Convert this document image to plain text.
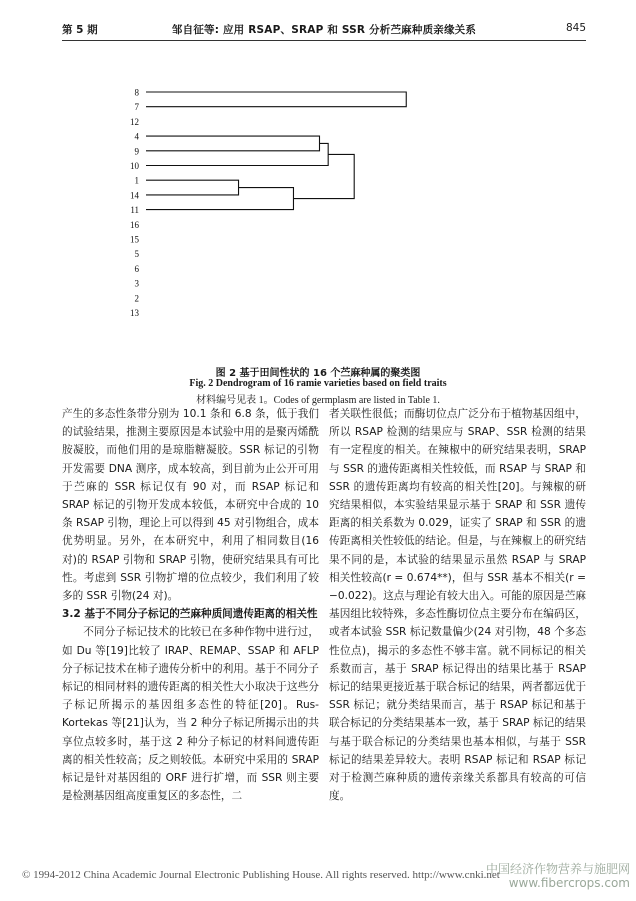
第 5 期	邹自征等: 应用 RSAP、SRAP 和 SSR 分析苎麻种质亲缘关系	845
8
7
12
4
9
10
1
14
11
16
15
5
6
3
2
13
图 2 基于田间性状的 16 个苎麻种属的聚类图
Fig. 2 Dendrogram of 16 ramie varieties based on field traits
材料编号见表 1。Codes of germplasm are listed in Table 1.

产生的多态性条带分别为 10.1 条和 6.8 条，低于我们的试验结果，推测主要原因是本试验中用的是聚丙烯酰胺凝胶，而他们用的是琼脂糖凝胶。SSR 标记的引物开发需要 DNA 测序，成本较高，到目前为止公开可用于苎麻的 SSR 标记仅有 90 对，而 RSAP 标记和 SRAP 标记的引物开发成本较低，本研究中合成的 10 条 RSAP 引物，理论上可以得到 45 对引物组合，成本优势明显。另外，在本研究中，利用了相同数目(16 对)的 RSAP 引物和 SRAP 引物，使研究结果具有可比性。考虑到 SSR 引物扩增的位点较少，我们利用了较多的 SSR 引物(24 对)。

3.2 基于不同分子标记的苎麻种质间遗传距离的相关性

不同分子标记技术的比较已在多种作物中进行过，如 Du 等[19]比较了 IRAP、REMAP、SSAP 和 AFLP 分子标记技术在柿子遗传分析中的利用。基于不同分子标记的相同材料的遗传距离的相关性大小取决于这些分子标记所揭示的基因组多态性的特征[20]。Rus-Kortekas 等[21]认为，当 2 种分子标记所揭示出的共享位点较多时，基于这 2 种分子标记的材料间遗传距离的相关性较高；反之则较低。本研究中采用的 SRAP 标记是针对基因组的 ORF 进行扩增，而 SSR 则主要是检测基因组高度重复区的多态性，二

者关联性很低；而酶切位点广泛分布于植物基因组中，所以 RSAP 检测的结果应与 SRAP、SSR 检测的结果有一定程度的相关。在辣椒中的研究结果表明，SRAP 与 SSR 的遗传距离相关性较低，而 RSAP 与 SRAP 和 SSR 的遗传距离均有较高的相关性[20]。与辣椒的研究结果相似，本实验结果显示基于 SRAP 和 SSR 遗传距离的相关系数为 0.029，证实了 SRAP 和 SSR 的遗传距离相关性较低的结论。但是，与在辣椒上的研究结果不同的是，本试验的结果显示虽然 RSAP 与 SRAP 相关性较高(r = 0.674**)，但与 SSR 基本不相关(r = −0.022)。这点与理论有较大出入。可能的原因是苎麻基因组比较特殊，多态性酶切位点主要分布在编码区，或者本试验 SSR 标记数量偏少(24 对引物，48 个多态性位点)，揭示的多态性不够丰富。就不同标记的相关系数而言，基于 SRAP 标记得出的结果比基于 RSAP 标记的结果更接近基于联合标记的结果，两者都远优于 SSR 标记；就分类结果而言，基于 RSAP 标记和基于联合标记的分类结果基本一致，基于 SRAP 标记的结果与基于联合标记的分类结果也基本相似，与基于 SSR 标记的结果差异较大。表明 RSAP 标记和 RSAP 标记对于检测苎麻种质的遗传亲缘关系都具有较高的可信度。

© 1994-2012 China Academic Journal Electronic Publishing House. All rights reserved. http://www.cnki.net
中国经济作物营养与施肥网
www.fibercrops.com
